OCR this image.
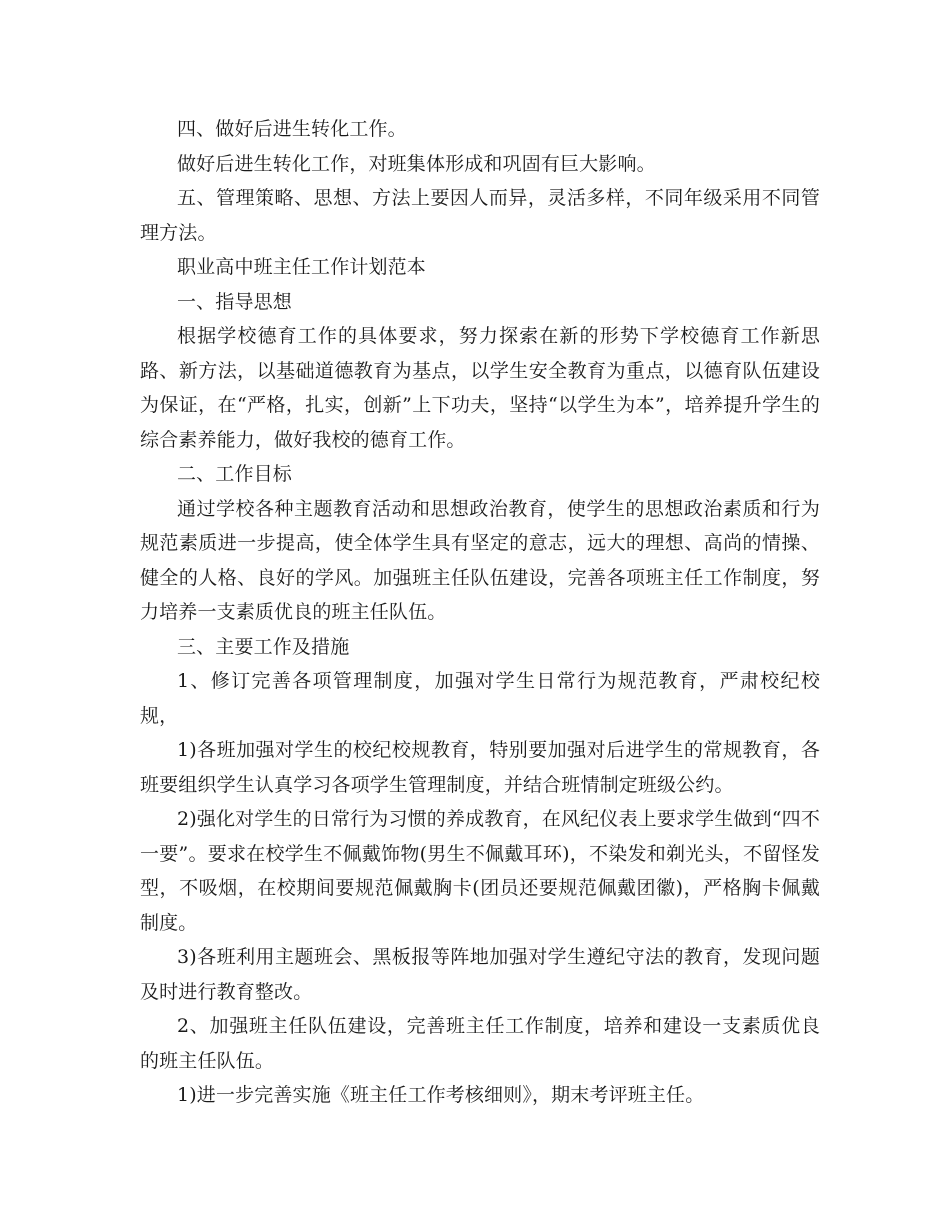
四、做好后进生转化工作。

做好后进生转化工作，对班集体形成和巩固有巨大影响。

五、管理策略、思想、方法上要因人而异，灵活多样，不同年级采用不同管理方法。

职业高中班主任工作计划范本

一、指导思想

根据学校德育工作的具体要求，努力探索在新的形势下学校德育工作新思路、新方法，以基础道德教育为基点，以学生安全教育为重点，以德育队伍建设为保证，在“严格，扎实，创新”上下功夫，坚持“以学生为本”，培养提升学生的综合素养能力，做好我校的德育工作。

二、工作目标

通过学校各种主题教育活动和思想政治教育，使学生的思想政治素质和行为规范素质进一步提高，使全体学生具有坚定的意志，远大的理想、高尚的情操、健全的人格、良好的学风。加强班主任队伍建设，完善各项班主任工作制度，努力培养一支素质优良的班主任队伍。

三、主要工作及措施

1、修订完善各项管理制度，加强对学生日常行为规范教育，严肃校纪校规，

1)各班加强对学生的校纪校规教育，特别要加强对后进学生的常规教育，各班要组织学生认真学习各项学生管理制度，并结合班情制定班级公约。

2)强化对学生的日常行为习惯的养成教育，在风纪仪表上要求学生做到“四不一要”。要求在校学生不佩戴饰物(男生不佩戴耳环)，不染发和剃光头，不留怪发型，不吸烟，在校期间要规范佩戴胸卡(团员还要规范佩戴团徽)，严格胸卡佩戴制度。

3)各班利用主题班会、黑板报等阵地加强对学生遵纪守法的教育，发现问题及时进行教育整改。

2、加强班主任队伍建设，完善班主任工作制度，培养和建设一支素质优良的班主任队伍。

1)进一步完善实施《班主任工作考核细则》，期末考评班主任。
